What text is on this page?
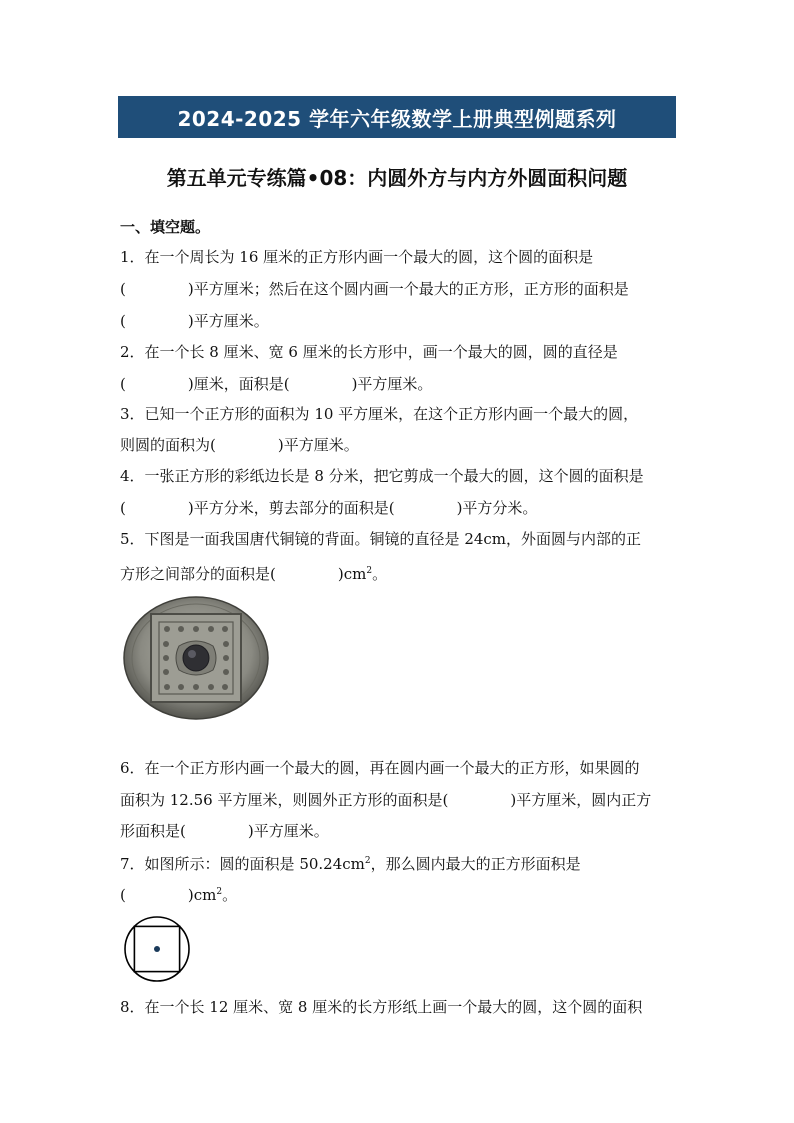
2024-2025 学年六年级数学上册典型例题系列
第五单元专练篇•08：内圆外方与内方外圆面积问题
一、填空题。
1．在一个周长为 16 厘米的正方形内画一个最大的圆，这个圆的面积是
(	)平方厘米；然后在这个圆内画一个最大的正方形，正方形的面积是
(	)平方厘米。
2．在一个长 8 厘米、宽 6 厘米的长方形中，画一个最大的圆，圆的直径是
(	)厘米，面积是(	)平方厘米。
3．已知一个正方形的面积为 10 平方厘米，在这个正方形内画一个最大的圆，
则圆的面积为(	)平方厘米。
4．一张正方形的彩纸边长是 8 分米，把它剪成一个最大的圆，这个圆的面积是
(	)平方分米，剪去部分的面积是(	)平方分米。
5．下图是一面我国唐代铜镜的背面。铜镜的直径是 24cm，外面圆与内部的正
方形之间部分的面积是(	)$cm^2$。
6．在一个正方形内画一个最大的圆，再在圆内画一个最大的正方形，如果圆的
面积为 12.56 平方厘米，则圆外正方形的面积是(	)平方厘米，圆内正方
形面积是(	)平方厘米。
7．如图所示：圆的面积是 $50.24cm^2$，那么圆内最大的正方形面积是
(	)$cm^2$。
8．在一个长 12 厘米、宽 8 厘米的长方形纸上画一个最大的圆，这个圆的面积
